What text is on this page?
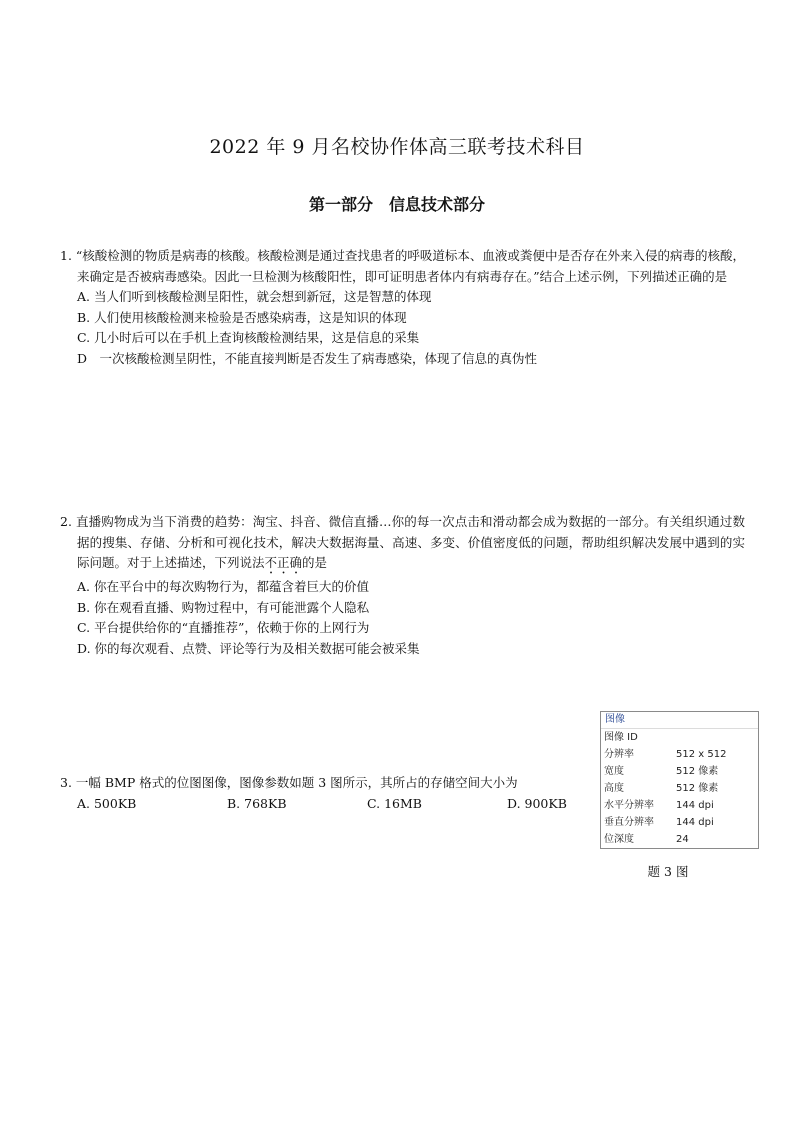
2022 年 9 月名校协作体高三联考技术科目
第一部分　信息技术部分

1. “核酸检测的物质是病毒的核酸。核酸检测是通过查找患者的呼吸道标本、血液或粪便中是否存在外来入侵的病毒的核酸，来确定是否被病毒感染。因此一旦检测为核酸阳性，即可证明患者体内有病毒存在。”结合上述示例，下列描述正确的是

A. 当人们听到核酸检测呈阳性，就会想到新冠，这是智慧的体现

B. 人们使用核酸检测来检验是否感染病毒，这是知识的体现

C. 几小时后可以在手机上查询核酸检测结果，这是信息的采集

D　一次核酸检测呈阴性，不能直接判断是否发生了病毒感染，体现了信息的真伪性

2. 直播购物成为当下消费的趋势：淘宝、抖音、微信直播…你的每一次点击和滑动都会成为数据的一部分。有关组织通过数据的搜集、存储、分析和可视化技术，解决大数据海量、高速、多变、价值密度低的问题，帮助组织解决发展中遇到的实际问题。对于上述描述，下列说法不正确的是

A. 你在平台中的每次购物行为，都蕴含着巨大的价值

B. 你在观看直播、购物过程中，有可能泄露个人隐私

C. 平台提供给你的“直播推荐”，依赖于你的上网行为

D. 你的每次观看、点赞、评论等行为及相关数据可能会被采集

3. 一幅 BMP 格式的位图图像，图像参数如题 3 图所示，其所占的存储空间大小为

A. 500KB	B. 768KB	C. 16MB	D. 900KB
图像
图像 ID
分辨率	512 x 512
宽度	512 像素
高度	512 像素
水平分辨率	144 dpi
垂直分辨率	144 dpi
位深度	24
题 3 图
